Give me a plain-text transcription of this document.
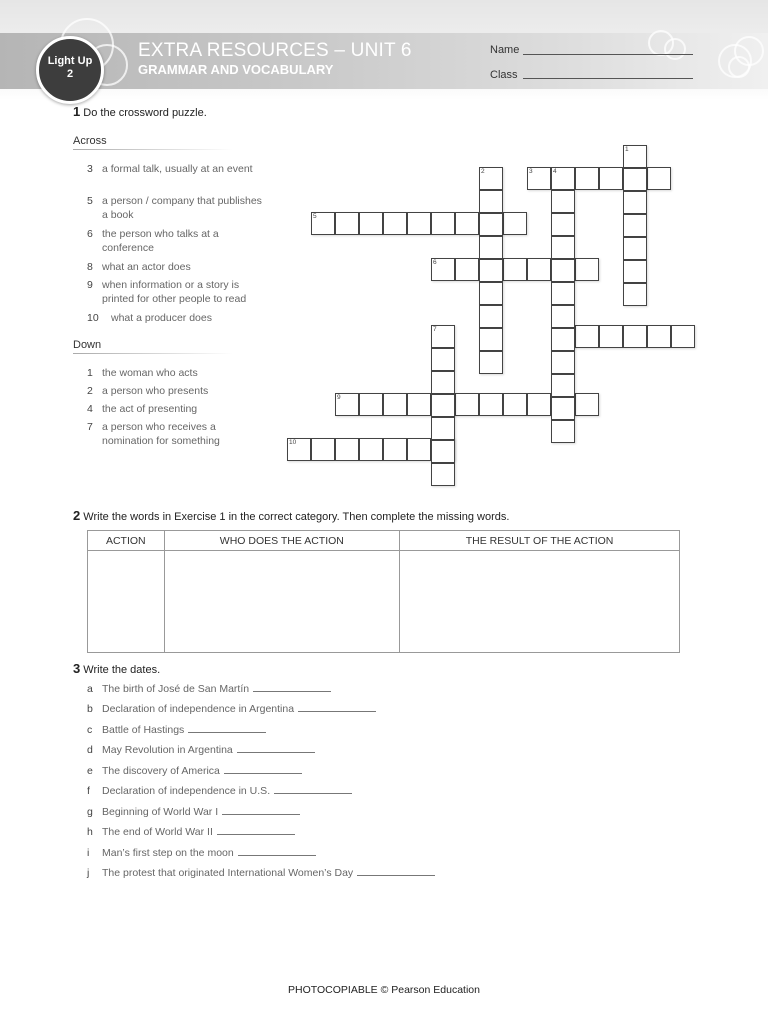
Light Up
2
EXTRA RESOURCES – UNIT 6
GRAMMAR AND VOCABULARY
Name
Class
1 Do the crossword puzzle.
Across
3 a formal talk, usually at an event
5 a person / company that publishes a book
6 the person who talks at a conference
8 what an actor does
9 when information or a story is printed for other people to read
10	what a producer does
Down
1 the woman who acts
2 a person who presents
4 the act of presenting
7 a person who receives a nomination for something
3
5
6
9
10
1
2	4
7
2 Write the words in Exercise 1 in the correct category. Then complete the missing words.
ACTION	WHO DOES THE ACTION	THE RESULT OF THE ACTION

3 Write the dates.
a The birth of José de San Martín
b Declaration of independence in Argentina
c Battle of Hastings
d May Revolution in Argentina
e The discovery of America
f Declaration of independence in U.S.
g Beginning of World War I
h The end of World War II
i Man’s first step on the moon
j The protest that originated International Women’s Day
PHOTOCOPIABLE © Pearson Education
